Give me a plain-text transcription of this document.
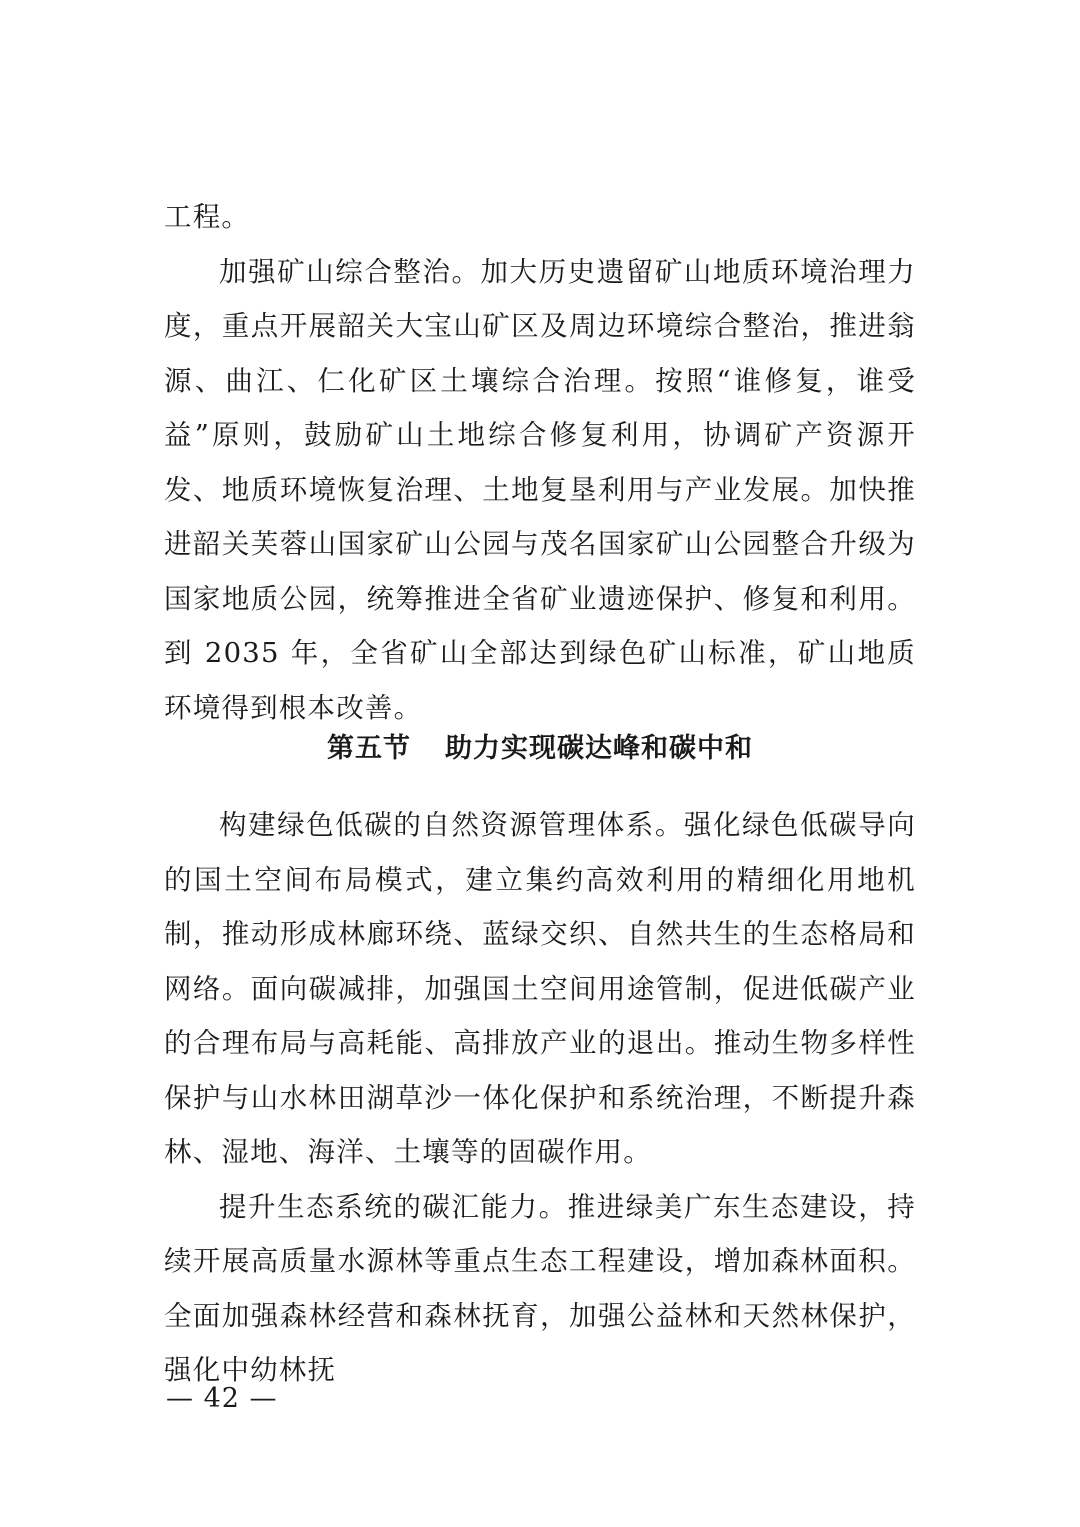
工程。

加强矿山综合整治。加大历史遗留矿山地质环境治理力度，重点开展韶关大宝山矿区及周边环境综合整治，推进翁源、曲江、仁化矿区土壤综合治理。按照“谁修复，谁受益”原则，鼓励矿山土地综合修复利用，协调矿产资源开发、地质环境恢复治理、土地复垦利用与产业发展。加快推进韶关芙蓉山国家矿山公园与茂名国家矿山公园整合升级为国家地质公园，统筹推进全省矿业遗迹保护、修复和利用。到 2035 年，全省矿山全部达到绿色矿山标准，矿山地质环境得到根本改善。

第五节 助力实现碳达峰和碳中和

构建绿色低碳的自然资源管理体系。强化绿色低碳导向的国土空间布局模式，建立集约高效利用的精细化用地机制，推动形成林廊环绕、蓝绿交织、自然共生的生态格局和网络。面向碳减排，加强国土空间用途管制，促进低碳产业的合理布局与高耗能、高排放产业的退出。推动生物多样性保护与山水林田湖草沙一体化保护和系统治理，不断提升森林、湿地、海洋、土壤等的固碳作用。

提升生态系统的碳汇能力。推进绿美广东生态建设，持续开展高质量水源林等重点生态工程建设，增加森林面积。全面加强森林经营和森林抚育，加强公益林和天然林保护，强化中幼林抚

— 42 —
